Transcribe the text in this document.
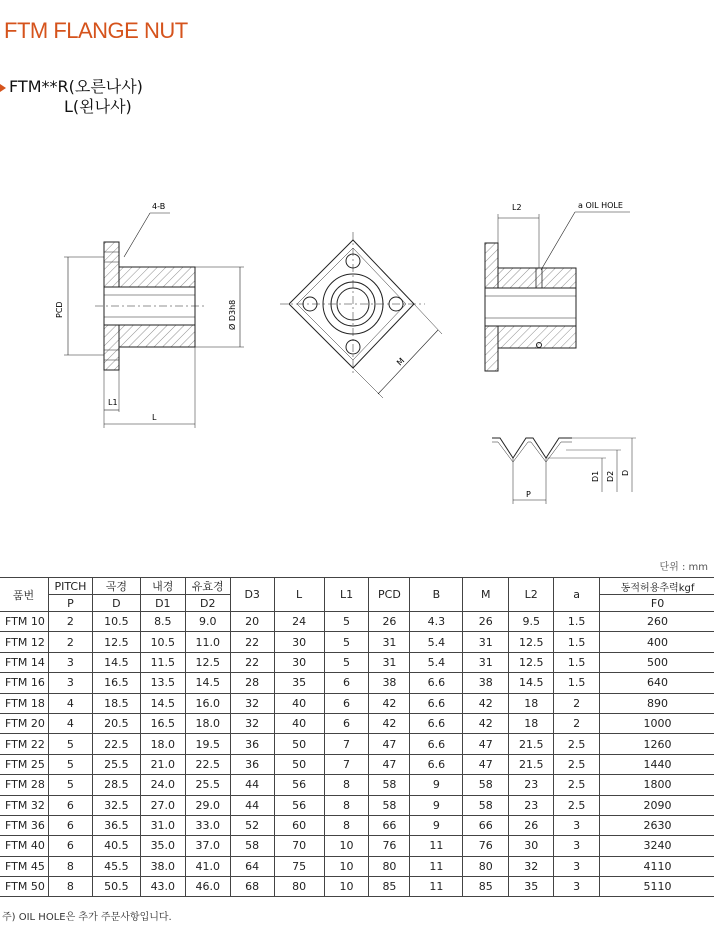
FTM FLANGE NUT
FTM**R(오른나사)
L(왼나사)
4-B
PCD	Ø D3h8
L1
L
M
L2	a OIL HOLE
P
D1 D2 D
단위 : mm
품번	PITCH	곡경	내경	유효경	D3	L	L1	PCD	B	M	L2	a	동적허용추력kgf
	P	D	D1	D2									F0
FTM 10	2	10.5	8.5	9.0	20	24	5	26	4.3	26	9.5	1.5	260
FTM 12	2	12.5	10.5	11.0	22	30	5	31	5.4	31	12.5	1.5	400
FTM 14	3	14.5	11.5	12.5	22	30	5	31	5.4	31	12.5	1.5	500
FTM 16	3	16.5	13.5	14.5	28	35	6	38	6.6	38	14.5	1.5	640
FTM 18	4	18.5	14.5	16.0	32	40	6	42	6.6	42	18	2	890
FTM 20	4	20.5	16.5	18.0	32	40	6	42	6.6	42	18	2	1000
FTM 22	5	22.5	18.0	19.5	36	50	7	47	6.6	47	21.5	2.5	1260
FTM 25	5	25.5	21.0	22.5	36	50	7	47	6.6	47	21.5	2.5	1440
FTM 28	5	28.5	24.0	25.5	44	56	8	58	9	58	23	2.5	1800
FTM 32	6	32.5	27.0	29.0	44	56	8	58	9	58	23	2.5	2090
FTM 36	6	36.5	31.0	33.0	52	60	8	66	9	66	26	3	2630
FTM 40	6	40.5	35.0	37.0	58	70	10	76	11	76	30	3	3240
FTM 45	8	45.5	38.0	41.0	64	75	10	80	11	80	32	3	4110
FTM 50	8	50.5	43.0	46.0	68	80	10	85	11	85	35	3	5110
주) OIL HOLE은 추가 주문사항입니다.
